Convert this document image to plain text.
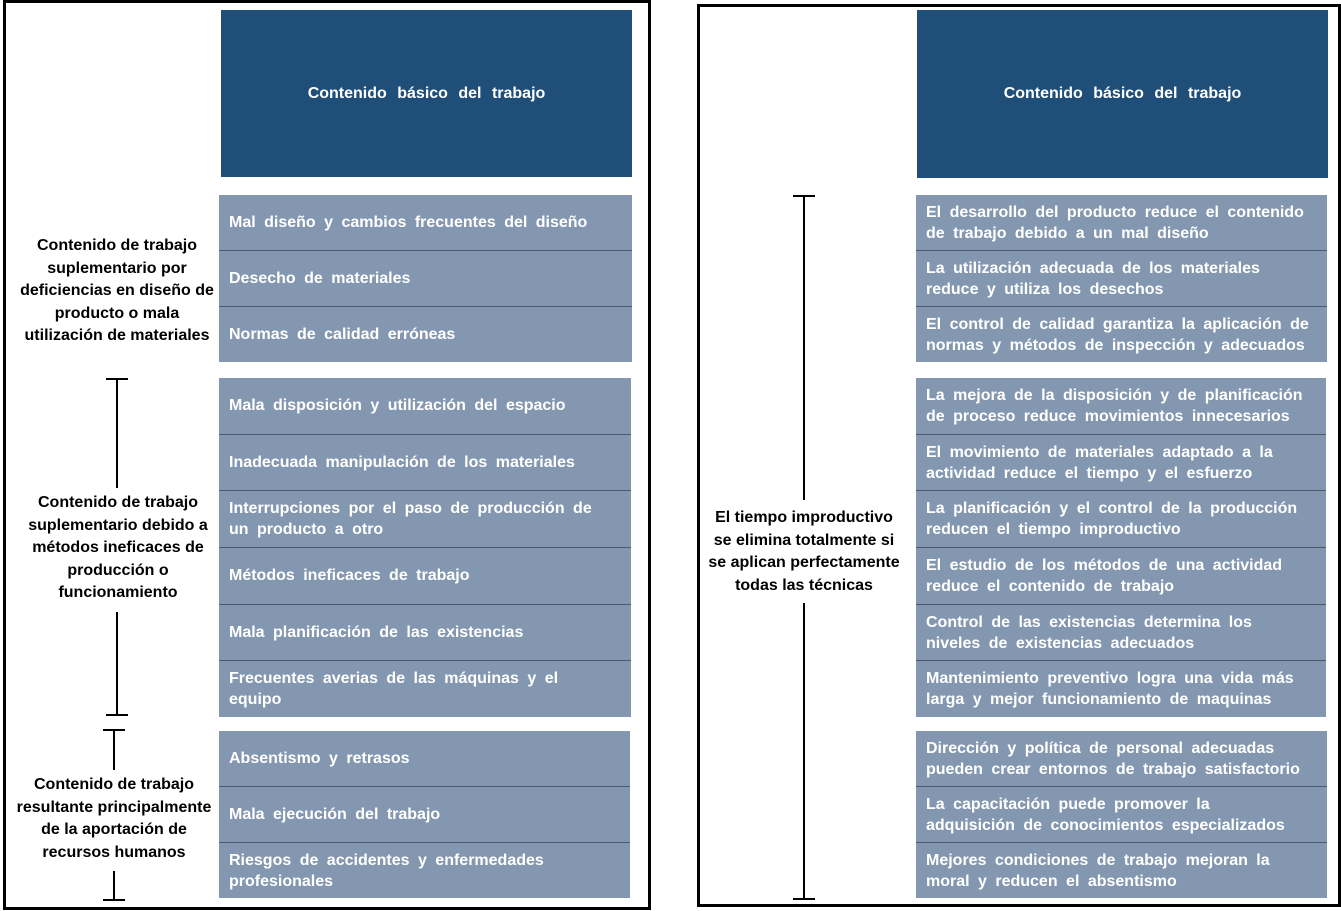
Contenido básico del trabajo
Contenido de trabajo
suplementario por
deficiencias en diseño de
producto o mala
utilización de materiales
Mal diseño y cambios frecuentes del diseño
Desecho de materiales
Normas de calidad erróneas
Contenido de trabajo
suplementario debido a
métodos ineficaces de
producción o
funcionamiento
Mala disposición y utilización del espacio
Inadecuada manipulación de los materiales
Interrupciones por el paso de producción de
un producto a otro
Métodos ineficaces de trabajo
Mala planificación de las existencias
Frecuentes averias de las máquinas y el
equipo
Contenido de trabajo
resultante principalmente
de la aportación de
recursos humanos
Absentismo y retrasos
Mala ejecución del trabajo
Riesgos de accidentes y enfermedades
profesionales
Contenido básico del trabajo
El tiempo improductivo
se elimina totalmente si
se aplican perfectamente
todas las técnicas
El desarrollo del producto reduce el contenido
de trabajo debido a un mal diseño
La utilización adecuada de los materiales
reduce y utiliza los desechos
El control de calidad garantiza la aplicación de
normas y métodos de inspección y adecuados
La mejora de la disposición y de planificación
de proceso reduce movimientos innecesarios
El movimiento de materiales adaptado a la
actividad reduce el tiempo y el esfuerzo
La planificación y el control de la producción
reducen el tiempo improductivo
El estudio de los métodos de una actividad
reduce el contenido de trabajo
Control de las existencias determina los
niveles de existencias adecuados
Mantenimiento preventivo logra una vida más
larga y mejor funcionamiento de maquinas
Dirección y política de personal adecuadas
pueden crear entornos de trabajo satisfactorio
La capacitación puede promover la
adquisición de conocimientos especializados
Mejores condiciones de trabajo mejoran la
moral y reducen el absentismo
